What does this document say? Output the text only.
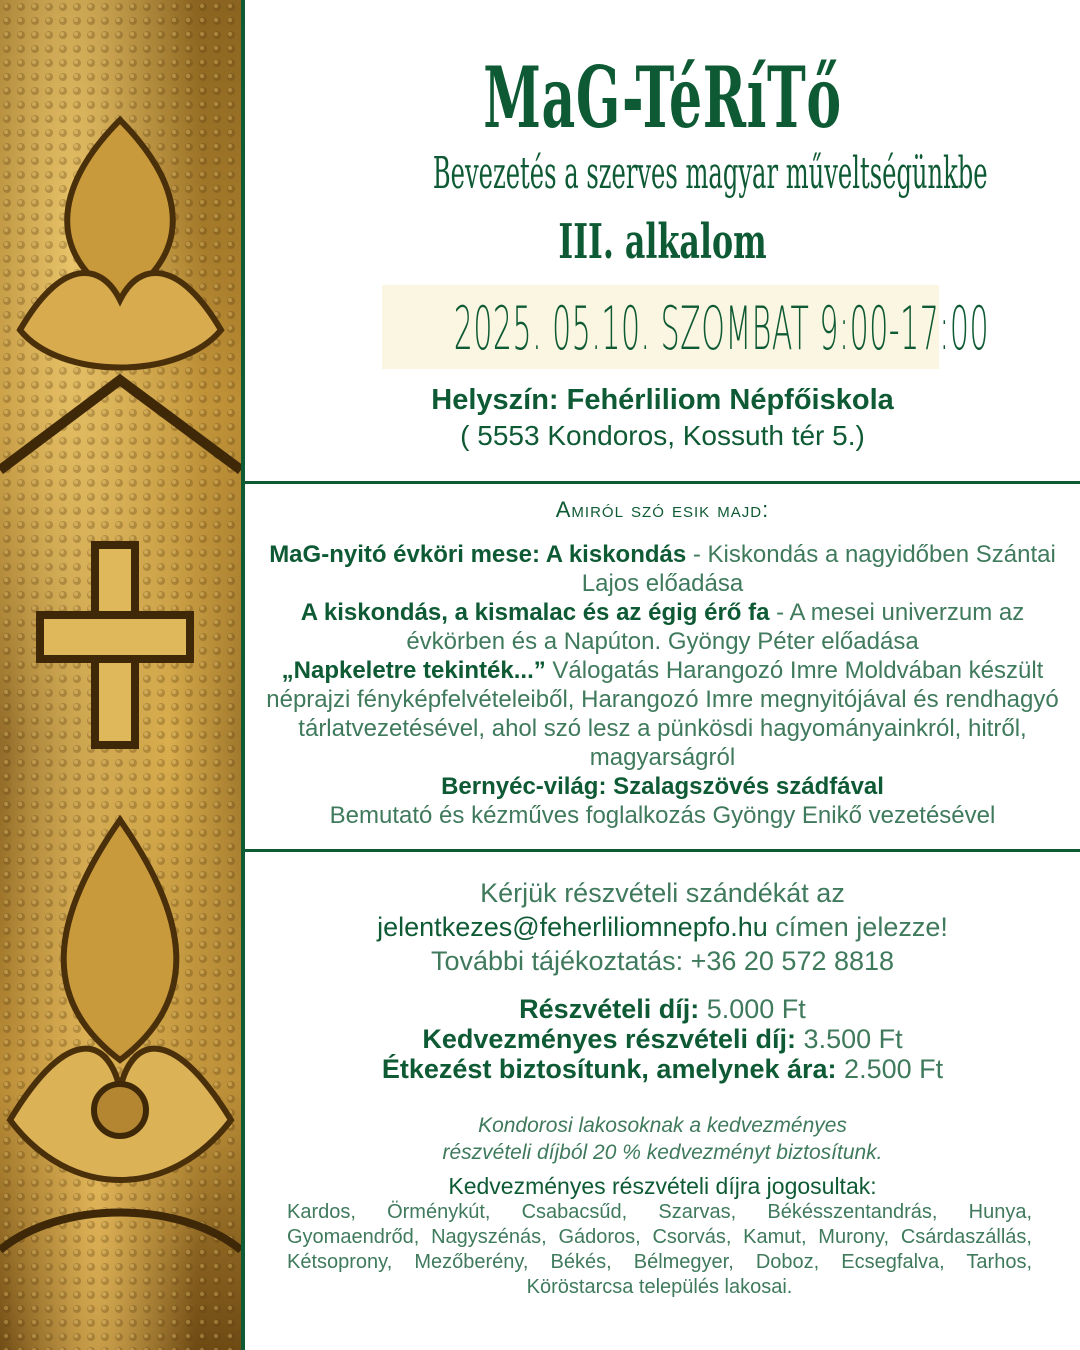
MaG-TéRíTő
Bevezetés a szerves magyar műveltségünkbe
III. alkalom
2025. 05.10. SZOMBAT 9:00-17:00
Helyszín: Fehérliliom Népfőiskola
( 5553 Kondoros, Kossuth tér 5.)
Amiról szó esik majd:

MaG-nyitó évköri mese: A kiskondás - Kiskondás a nagyidőben Szántai Lajos előadása

A kiskondás, a kismalac és az égig érő fa - A mesei univerzum az évkörben és a Napúton. Gyöngy Péter előadása

„Napkeletre tekinték...” Válogatás Harangozó Imre Moldvában készült néprajzi fényképfelvételeiből, Harangozó Imre megnyitójával és rendhagyó tárlatvezetésével, ahol szó lesz a pünkösdi hagyományainkról, hitről, magyarságról

Bernyéc-világ: Szalagszövés szádfával
Bemutató és kézműves foglalkozás Gyöngy Enikő vezetésével

Kérjük részvételi szándékát az
jelentkezes@feherliliomnepfo.hu címen jelezze!
További tájékoztatás: +36 20 572 8818
Részvételi díj: 5.000 Ft
Kedvezményes részvételi díj: 3.500 Ft
Étkezést biztosítunk, amelynek ára: 2.500 Ft
Kondorosi lakosoknak a kedvezményes
részvételi díjból 20 % kedvezményt biztosítunk.
Kedvezményes részvételi díjra jogosultak:
Kardos, Örménykút, Csabacsűd, Szarvas, Békésszentandrás, Hunya, Gyomaendrőd, Nagyszénás, Gádoros, Csorvás, Kamut, Murony, Csárdaszállás, Kétsoprony, Mezőberény, Békés, Bélmegyer, Doboz, Ecsegfalva, Tarhos, Köröstarcsa település lakosai.
